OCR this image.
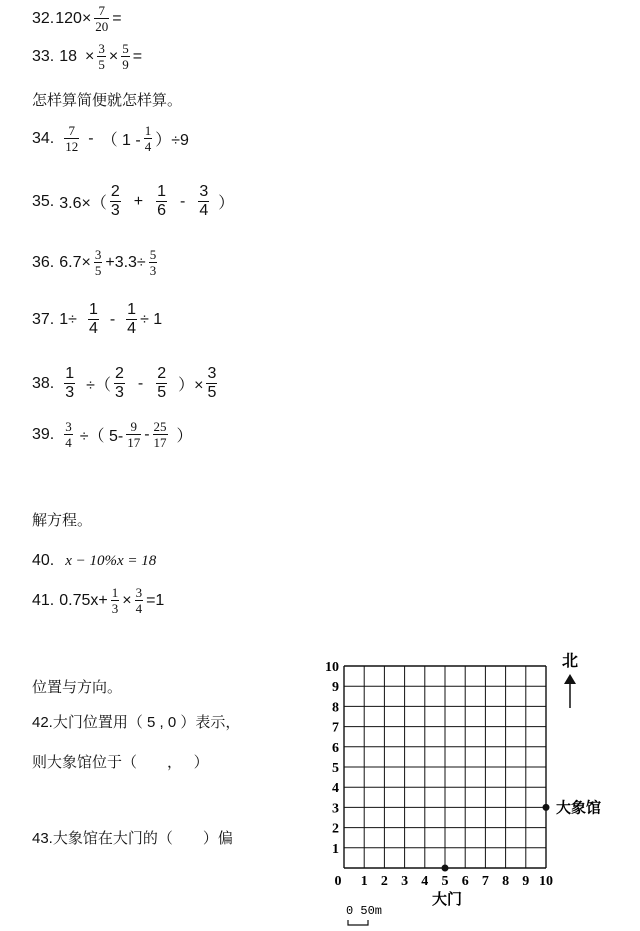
32. $120\times \frac{7}{20}$ =
33. $18 \times \frac{3}{5} \times \frac{5}{9}$ =
怎样算简便就怎样算。
34. $\frac{7}{12}$ - （ $1 - \frac{1}{4} )\div 9$
35. $3.6\times( \frac{2}{3} + \frac{1}{6} - \frac{3}{4}$ ）
36. $6.7\times \frac{3}{5} +3.3\div \frac{5}{3}$
37. $1\div \frac{1}{4} - \frac{1}{4} \div 1$
38. $\frac{1}{3}$ ÷（ $\frac{2}{3} - \frac{2}{5}$ ）× $\frac{3}{5}$
39. $\frac{3}{4}$ ÷（ $5- \frac{9}{17} - \frac{25}{17}$ ）
解方程。
40. x − 10%x = 18
41. $0.75x+ \frac{1}{3} \times \frac{3}{4} =1$
位置与方向。
42.大门位置用（ 5 , 0 ）表示，
则大象馆位于（　　，　 ）
43.大象馆在大门的（　　）偏
0 1 2 3 4 5 6 7 8 9 10
1
2
3
4
5
6
7
8
9
10
大门
大象馆
北
0 50m
